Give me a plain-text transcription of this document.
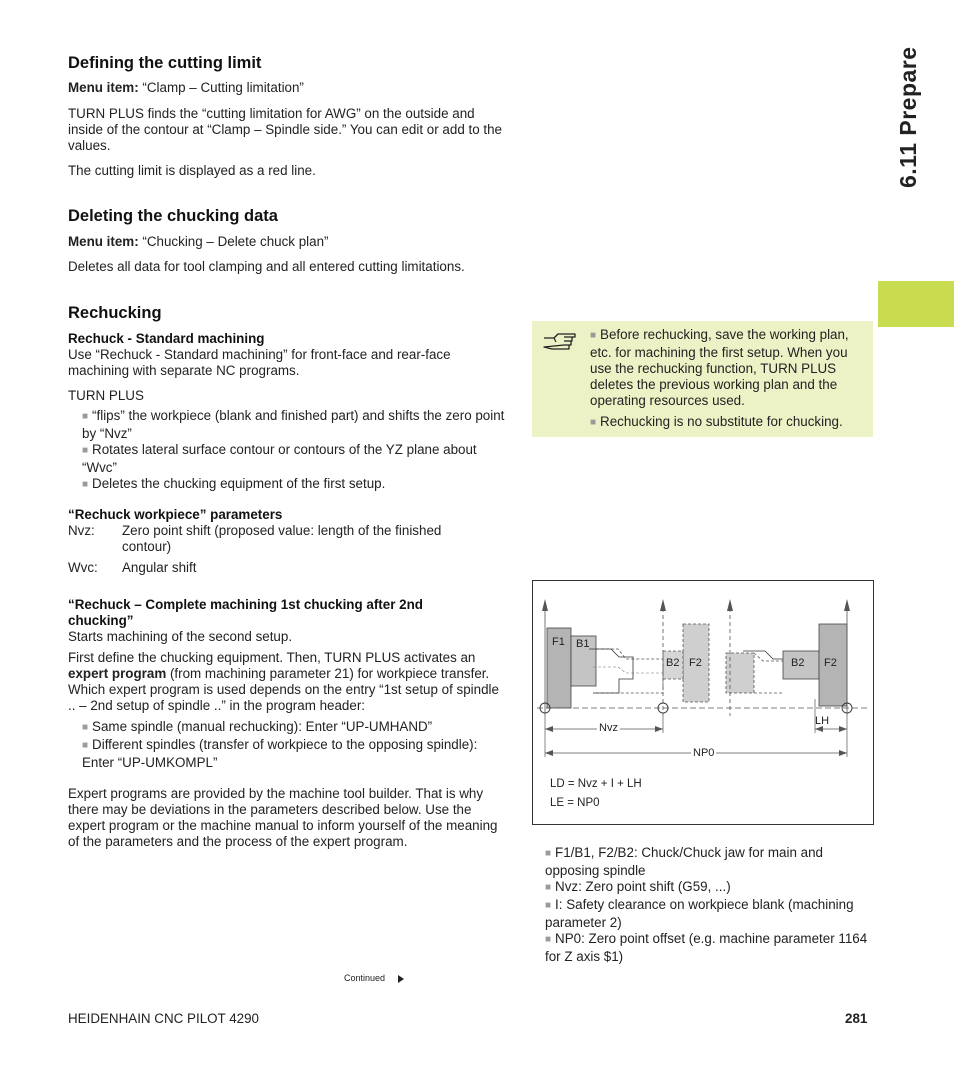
6.11 Prepare
Defining the cutting limit

Menu item: “Clamp – Cutting limitation”

TURN PLUS finds the “cutting limitation for AWG” on the outside and inside of the contour at “Clamp – Spindle side.” You can edit or add to the values.

The cutting limit is displayed as a red line.

Deleting the chucking data

Menu item: “Chucking – Delete chuck plan”

Deletes all data for tool clamping and all entered cutting limitations.

Rechucking
Rechuck - Standard machining

Use “Rechuck - Standard machining” for front-face and rear-face machining with separate NC programs.

TURN PLUS

■ “flips” the workpiece (blank and finished part) and shifts the zero point by “Nvz”

■ Rotates lateral surface contour or contours of the YZ plane about “Wvc”

■ Deletes the chucking equipment of the first setup.

“Rechuck workpiece” parameters
Nvz:	Zero point shift (proposed value: length of the finished contour)
Wvc:	Angular shift
“Rechuck – Complete machining 1st chucking after 2nd chucking”

Starts machining of the second setup.

First define the chucking equipment. Then, TURN PLUS activates an expert program (from machining parameter 21) for workpiece transfer. Which expert program is used depends on the entry “1st setup of spindle .. – 2nd setup of spindle ..” in the program header:

■ Same spindle (manual rechucking): Enter “UP-UMHAND”

■ Different spindles (transfer of workpiece to the opposing spindle): Enter “UP-UMKOMPL”

Expert programs are provided by the machine tool builder. That is why there may be deviations in the parameters described below. Use the expert program or the machine manual to inform yourself of the meaning of the parameters and the process of the expert program.

■ Before rechucking, save the working plan, etc. for machining the first setup. When you use the rechucking function, TURN PLUS deletes the previous working plan and the operating resources used.

■ Rechucking is no substitute for chucking.

F1 B1
B2 F2	B2 F2
Nvz
LH
NP0
LD = Nvz + I + LH
LE = NP0

■ F1/B1, F2/B2: Chuck/Chuck jaw for main and opposing spindle

■ Nvz: Zero point shift (G59, ...)

■ I: Safety clearance on workpiece blank (machining parameter 2)

■ NP0: Zero point offset (e.g. machine parameter 1164 for Z axis $1)

Continued
HEIDENHAIN CNC PILOT 4290	281
